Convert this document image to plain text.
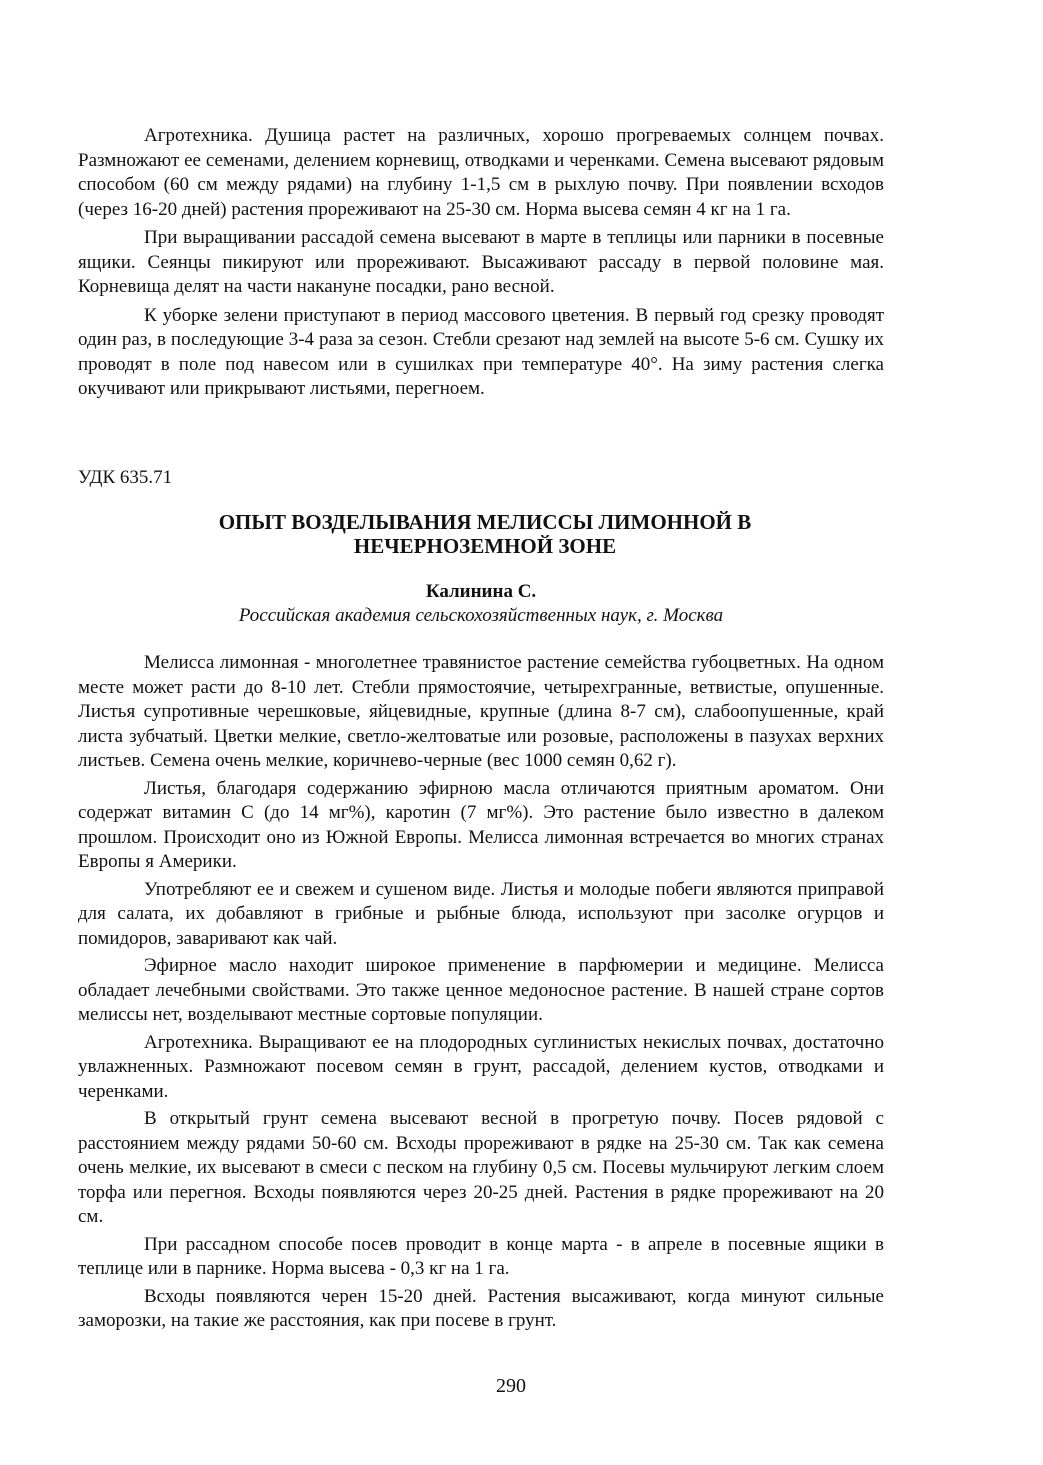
Агротехника. Душица растет на различных, хорошо прогреваемых солнцем почвах. Размножают ее семенами, делением корневищ, отводками и черенками. Семена высевают рядовым способом (60 см между рядами) на глубину 1-1,5 см в рыхлую почву. При появлении всходов (через 16-20 дней) растения прореживают на 25-30 см. Норма высева семян 4 кг на 1 га.

При выращивании рассадой семена высевают в марте в теплицы или парники в посевные ящики. Сеянцы пикируют или прореживают. Высаживают рассаду в первой половине мая. Корневища делят на части накануне посадки, рано весной.

К уборке зелени приступают в период массового цветения. В первый год срезку проводят один раз, в последующие 3-4 раза за сезон. Стебли срезают над землей на высоте 5-6 см. Сушку их проводят в поле под навесом или в сушилках при температуре 40°. На зиму растения слегка окучивают или прикрывают листьями, перегноем.

УДК 635.71
ОПЫТ ВОЗДЕЛЫВАНИЯ МЕЛИССЫ ЛИМОННОЙ В
НЕЧЕРНОЗЕМНОЙ ЗОНЕ
Калинина С.
Российская академия сельскохозяйственных наук, г. Москва

Мелисса лимонная - многолетнее травянистое растение семейства губоцветных. На одном месте может расти до 8-10 лет. Стебли прямостоячие, четырехгранные, ветвистые, опушенные. Листья супротивные черешковые, яйцевидные, крупные (длина 8-7 см), слабоопушенные, край листа зубчатый. Цветки мелкие, светло-желтоватые или розовые, расположены в пазухах верхних листьев. Семена очень мелкие, коричнево-черные (вес 1000 семян 0,62 г).

Листья, благодаря содержанию эфирною масла отличаются приятным ароматом. Они содержат витамин С (до 14 мг%), каротин (7 мг%). Это растение было известно в далеком прошлом. Происходит оно из Южной Европы. Мелисса лимонная встречается во многих странах Европы я Америки.

Употребляют ее и свежем и сушеном виде. Листья и молодые побеги являются приправой для салата, их добавляют в грибные и рыбные блюда, используют при засолке огурцов и помидоров, заваривают как чай.

Эфирное масло находит широкое применение в парфюмерии и медицине. Мелисса обладает лечебными свойствами. Это также ценное медоносное растение. В нашей стране сортов мелиссы нет, возделывают местные сортовые популяции.

Агротехника. Выращивают ее на плодородных суглинистых некислых почвах, достаточно увлажненных. Размножают посевом семян в грунт, рассадой, делением кустов, отводками и черенками.

В открытый грунт семена высевают весной в прогретую почву. Посев рядовой с расстоянием между рядами 50-60 см. Всходы прореживают в рядке на 25-30 см. Так как семена очень мелкие, их высевают в смеси с песком на глубину 0,5 см. Посевы мульчируют легким слоем торфа или перегноя. Всходы появляются через 20-25 дней. Растения в рядке прореживают на 20 см.

При рассадном способе посев проводит в конце марта - в апреле в посевные ящики в теплице или в парнике. Норма высева - 0,3 кг на 1 га.

Всходы появляются черен 15-20 дней. Растения высаживают, когда минуют сильные заморозки, на такие же расстояния, как при посеве в грунт.

290
